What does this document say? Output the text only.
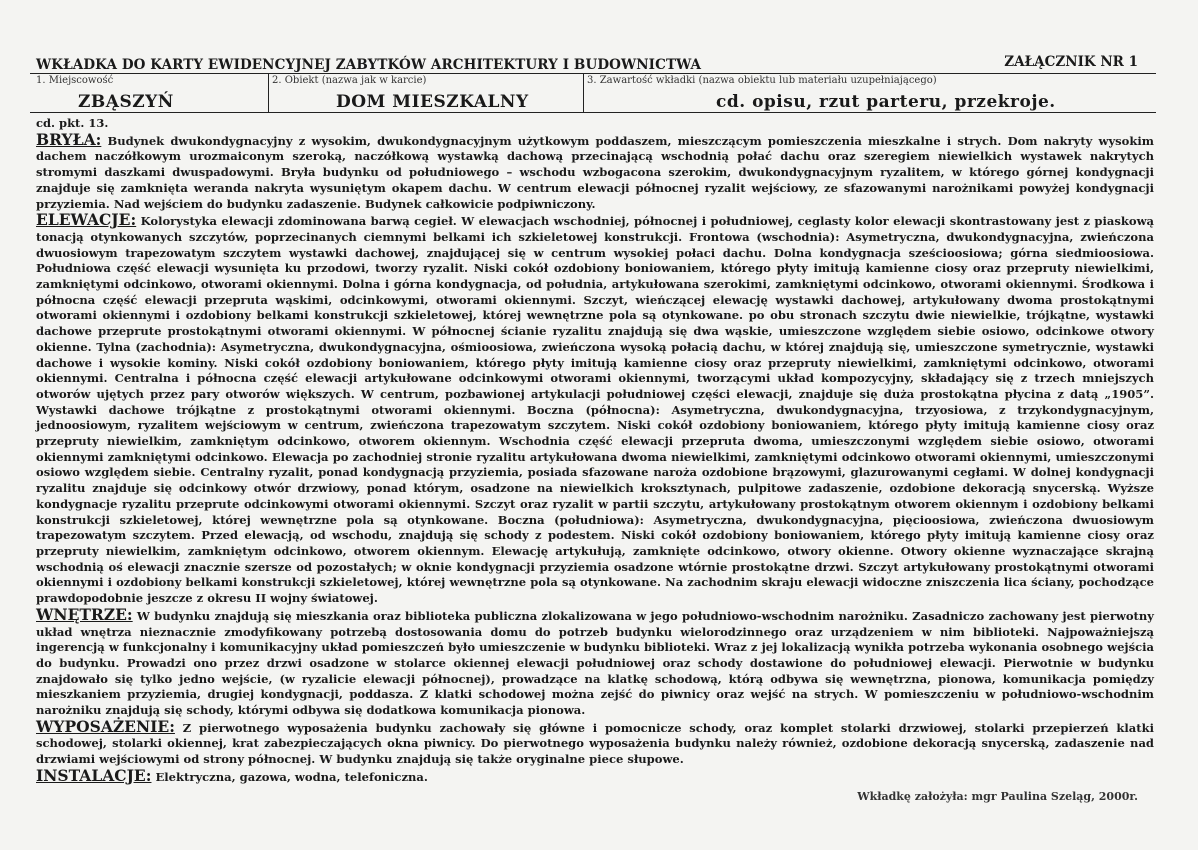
WKŁADKA DO KARTY EWIDENCYJNEJ ZABYTKÓW ARCHITEKTURY I BUDOWNICTWA	ZAŁĄCZNIK NR 1
1. Miejscowość
ZBĄSZYŃ
2. Obiekt (nazwa jak w karcie)
DOM MIESZKALNY
3. Zawartość wkładki (nazwa obiektu lub materiału uzupełniającego)
cd. opisu, rzut parteru, przekroje.

cd. pkt. 13.

BRYŁA: Budynek dwukondygnacyjny z wysokim, dwukondygnacyjnym użytkowym poddaszem, mieszczącym pomieszczenia mieszkalne i strych. Dom nakryty wysokim dachem naczółkowym urozmaiconym szeroką, naczółkową wystawką dachową przecinającą wschodnią połać dachu oraz szeregiem niewielkich wystawek nakrytych stromymi daszkami dwuspadowymi. Bryła budynku od południowego – wschodu wzbogacona szerokim, dwukondygnacyjnym ryzalitem, w którego górnej kondygnacji znajduje się zamknięta weranda nakryta wysuniętym okapem dachu. W centrum elewacji północnej ryzalit wejściowy, ze sfazowanymi narożnikami powyżej kondygnacji przyziemia. Nad wejściem do budynku zadaszenie. Budynek całkowicie podpiwniczony.

ELEWACJE: Kolorystyka elewacji zdominowana barwą cegieł. W elewacjach wschodniej, północnej i południowej, ceglasty kolor elewacji skontrastowany jest z piaskową tonacją otynkowanych szczytów, poprzecinanych ciemnymi belkami ich szkieletowej konstrukcji. Frontowa (wschodnia): Asymetryczna, dwukondygnacyjna, zwieńczona dwuosiowym trapezowatym szczytem wystawki dachowej, znajdującej się w centrum wysokiej połaci dachu. Dolna kondygnacja sześcioosiowa; górna siedmioosiowa. Południowa część elewacji wysunięta ku przodowi, tworzy ryzalit. Niski cokół ozdobiony boniowaniem, którego płyty imitują kamienne ciosy oraz przepruty niewielkimi, zamkniętymi odcinkowo, otworami okiennymi. Dolna i górna kondygnacja, od południa, artykułowana szerokimi, zamkniętymi odcinkowo, otworami okiennymi. Środkowa i północna część elewacji przepruta wąskimi, odcinkowymi, otworami okiennymi. Szczyt, wieńczącej elewację wystawki dachowej, artykułowany dwoma prostokątnymi otworami okiennymi i ozdobiony belkami konstrukcji szkieletowej, której wewnętrzne pola są otynkowane. po obu stronach szczytu dwie niewielkie, trójkątne, wystawki dachowe przeprute prostokątnymi otworami okiennymi. W północnej ścianie ryzalitu znajdują się dwa wąskie, umieszczone względem siebie osiowo, odcinkowe otwory okienne. Tylna (zachodnia): Asymetryczna, dwukondygnacyjna, ośmioosiowa, zwieńczona wysoką połacią dachu, w której znajdują się, umieszczone symetrycznie, wystawki dachowe i wysokie kominy. Niski cokół ozdobiony boniowaniem, którego płyty imitują kamienne ciosy oraz przepruty niewielkimi, zamkniętymi odcinkowo, otworami okiennymi. Centralna i północna część elewacji artykułowane odcinkowymi otworami okiennymi, tworzącymi układ kompozycyjny, składający się z trzech mniejszych otworów ujętych przez pary otworów większych. W centrum, pozbawionej artykulacji południowej części elewacji, znajduje się duża prostokątna płycina z datą „1905”. Wystawki dachowe trójkątne z prostokątnymi otworami okiennymi. Boczna (północna): Asymetryczna, dwukondygnacyjna, trzyosiowa, z trzykondygnacyjnym, jednoosiowym, ryzalitem wejściowym w centrum, zwieńczona trapezowatym szczytem. Niski cokół ozdobiony boniowaniem, którego płyty imitują kamienne ciosy oraz przepruty niewielkim, zamkniętym odcinkowo, otworem okiennym. Wschodnia część elewacji przepruta dwoma, umieszczonymi względem siebie osiowo, otworami okiennymi zamkniętymi odcinkowo. Elewacja po zachodniej stronie ryzalitu artykułowana dwoma niewielkimi, zamkniętymi odcinkowo otworami okiennymi, umieszczonymi osiowo względem siebie. Centralny ryzalit, ponad kondygnacją przyziemia, posiada sfazowane naroża ozdobione brązowymi, glazurowanymi cegłami. W dolnej kondygnacji ryzalitu znajduje się odcinkowy otwór drzwiowy, ponad którym, osadzone na niewielkich kroksztynach, pulpitowe zadaszenie, ozdobione dekoracją snycerską. Wyższe kondygnacje ryzalitu przeprute odcinkowymi otworami okiennymi. Szczyt oraz ryzalit w partii szczytu, artykułowany prostokątnym otworem okiennym i ozdobiony belkami konstrukcji szkieletowej, której wewnętrzne pola są otynkowane. Boczna (południowa): Asymetryczna, dwukondygnacyjna, pięcioosiowa, zwieńczona dwuosiowym trapezowatym szczytem. Przed elewacją, od wschodu, znajdują się schody z podestem. Niski cokół ozdobiony boniowaniem, którego płyty imitują kamienne ciosy oraz przepruty niewielkim, zamkniętym odcinkowo, otworem okiennym. Elewację artykułują, zamknięte odcinkowo, otwory okienne. Otwory okienne wyznaczające skrajną wschodnią oś elewacji znacznie szersze od pozostałych; w oknie kondygnacji przyziemia osadzone wtórnie prostokątne drzwi. Szczyt artykułowany prostokątnymi otworami okiennymi i ozdobiony belkami konstrukcji szkieletowej, której wewnętrzne pola są otynkowane. Na zachodnim skraju elewacji widoczne zniszczenia lica ściany, pochodzące prawdopodobnie jeszcze z okresu II wojny światowej.

WNĘTRZE: W budynku znajdują się mieszkania oraz biblioteka publiczna zlokalizowana w jego południowo-wschodnim narożniku. Zasadniczo zachowany jest pierwotny układ wnętrza nieznacznie zmodyfikowany potrzebą dostosowania domu do potrzeb budynku wielorodzinnego oraz urządzeniem w nim biblioteki. Najpoważniejszą ingerencją w funkcjonalny i komunikacyjny układ pomieszczeń było umieszczenie w budynku biblioteki. Wraz z jej lokalizacją wynikła potrzeba wykonania osobnego wejścia do budynku. Prowadzi ono przez drzwi osadzone w stolarce okiennej elewacji południowej oraz schody dostawione do południowej elewacji. Pierwotnie w budynku znajdowało się tylko jedno wejście, (w ryzalicie elewacji północnej), prowadzące na klatkę schodową, którą odbywa się wewnętrzna, pionowa, komunikacja pomiędzy mieszkaniem przyziemia, drugiej kondygnacji, poddasza. Z klatki schodowej można zejść do piwnicy oraz wejść na strych. W pomieszczeniu w południowo-wschodnim narożniku znajdują się schody, którymi odbywa się dodatkowa komunikacja pionowa.

WYPOSAŻENIE: Z pierwotnego wyposażenia budynku zachowały się główne i pomocnicze schody, oraz komplet stolarki drzwiowej, stolarki przepierzeń klatki schodowej, stolarki okiennej, krat zabezpieczających okna piwnicy. Do pierwotnego wyposażenia budynku należy również, ozdobione dekoracją snycerską, zadaszenie nad drzwiami wejściowymi od strony północnej. W budynku znajdują się także oryginalne piece słupowe.

INSTALACJE: Elektryczna, gazowa, wodna, telefoniczna.

Wkładkę założyła: mgr Paulina Szeląg, 2000r.
